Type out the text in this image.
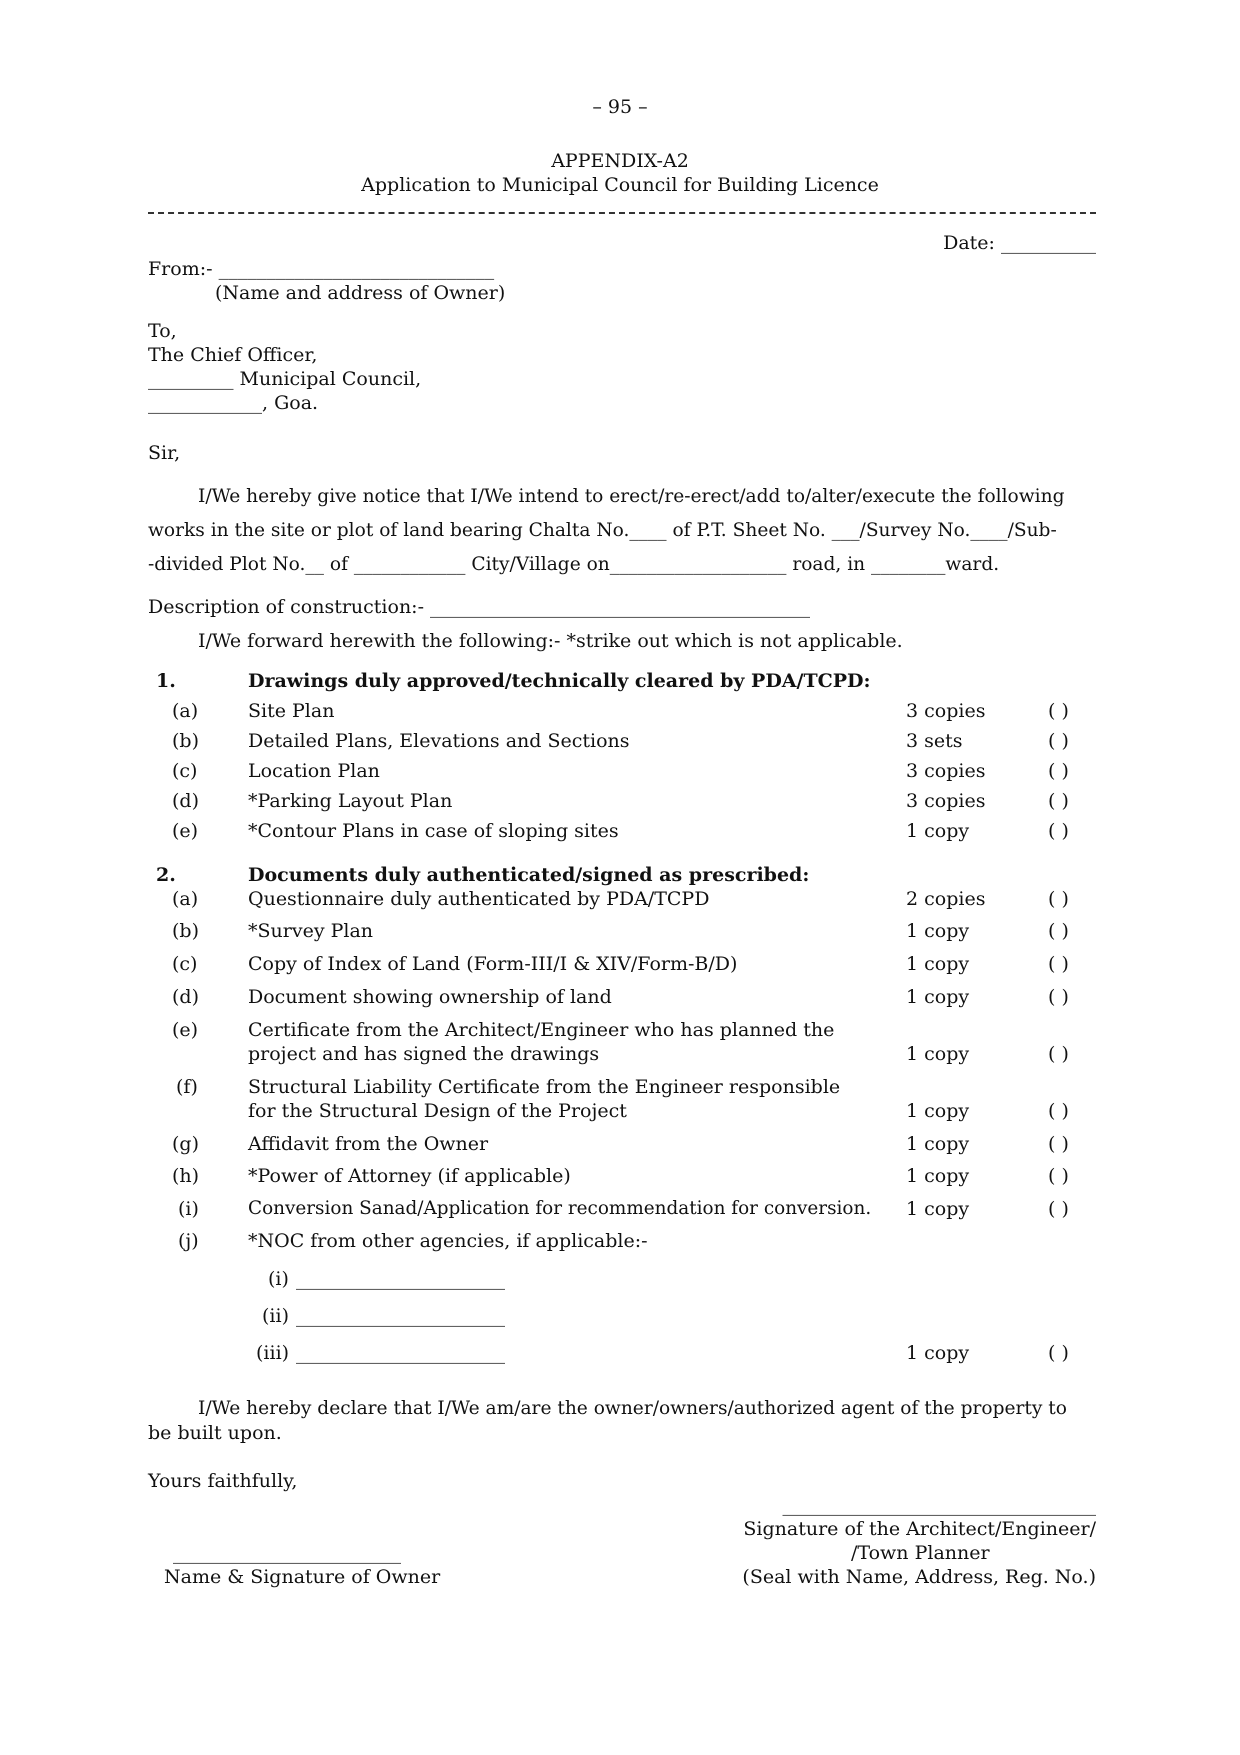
– 95 –
APPENDIX-A2
Application to Municipal Council for Building Licence
Date: __________
From:- _____________________________
(Name and address of Owner)
To,
The Chief Officer,
_________ Municipal Council,
____________, Goa.
Sir,
I/We hereby give notice that I/We intend to erect/re-erect/add to/alter/execute the following
works in the site or plot of land bearing Chalta No.____ of P.T. Sheet No. ___/Survey No.____/Sub-
-divided Plot No.__ of ____________ City/Village on___________________ road, in ________ward.
Description of construction:- ________________________________________
I/We forward herewith the following:- *strike out which is not applicable.
1.	Drawings duly approved/technically cleared by PDA/TCPD:
(a)	Site Plan	3 copies	( )
(b)	Detailed Plans, Elevations and Sections	3 sets	( )
(c)	Location Plan	3 copies	( )
(d)	*Parking Layout Plan	3 copies	( )
(e)	*Contour Plans in case of sloping sites	1 copy	( )
2.	Documents duly authenticated/signed as prescribed:
(a)	Questionnaire duly authenticated by PDA/TCPD	2 copies	( )
(b)	*Survey Plan	1 copy	( )
(c)	Copy of Index of Land (Form-III/I & XIV/Form-B/D)	1 copy	( )
(d)	Document showing ownership of land	1 copy	( )
(e)	Certificate from the Architect/Engineer who has planned the
project and has signed the drawings	1 copy	( )
(f)	Structural Liability Certificate from the Engineer responsible
for the Structural Design of the Project	1 copy	( )
(g)	Affidavit from the Owner	1 copy	( )
(h)	*Power of Attorney (if applicable)	1 copy	( )
(i)	Conversion Sanad/Application for recommendation for conversion. 1 copy	( )
(j)	*NOC from other agencies, if applicable:-
(i) ______________________
(ii) ______________________
(iii) ______________________	1 copy	( )
I/We hereby declare that I/We am/are the owner/owners/authorized agent of the property to
be built upon.
Yours faithfully,
_________________________________
Signature of the Architect/Engineer/
/Town Planner
(Seal with Name, Address, Reg. No.)
________________________
Name & Signature of Owner
